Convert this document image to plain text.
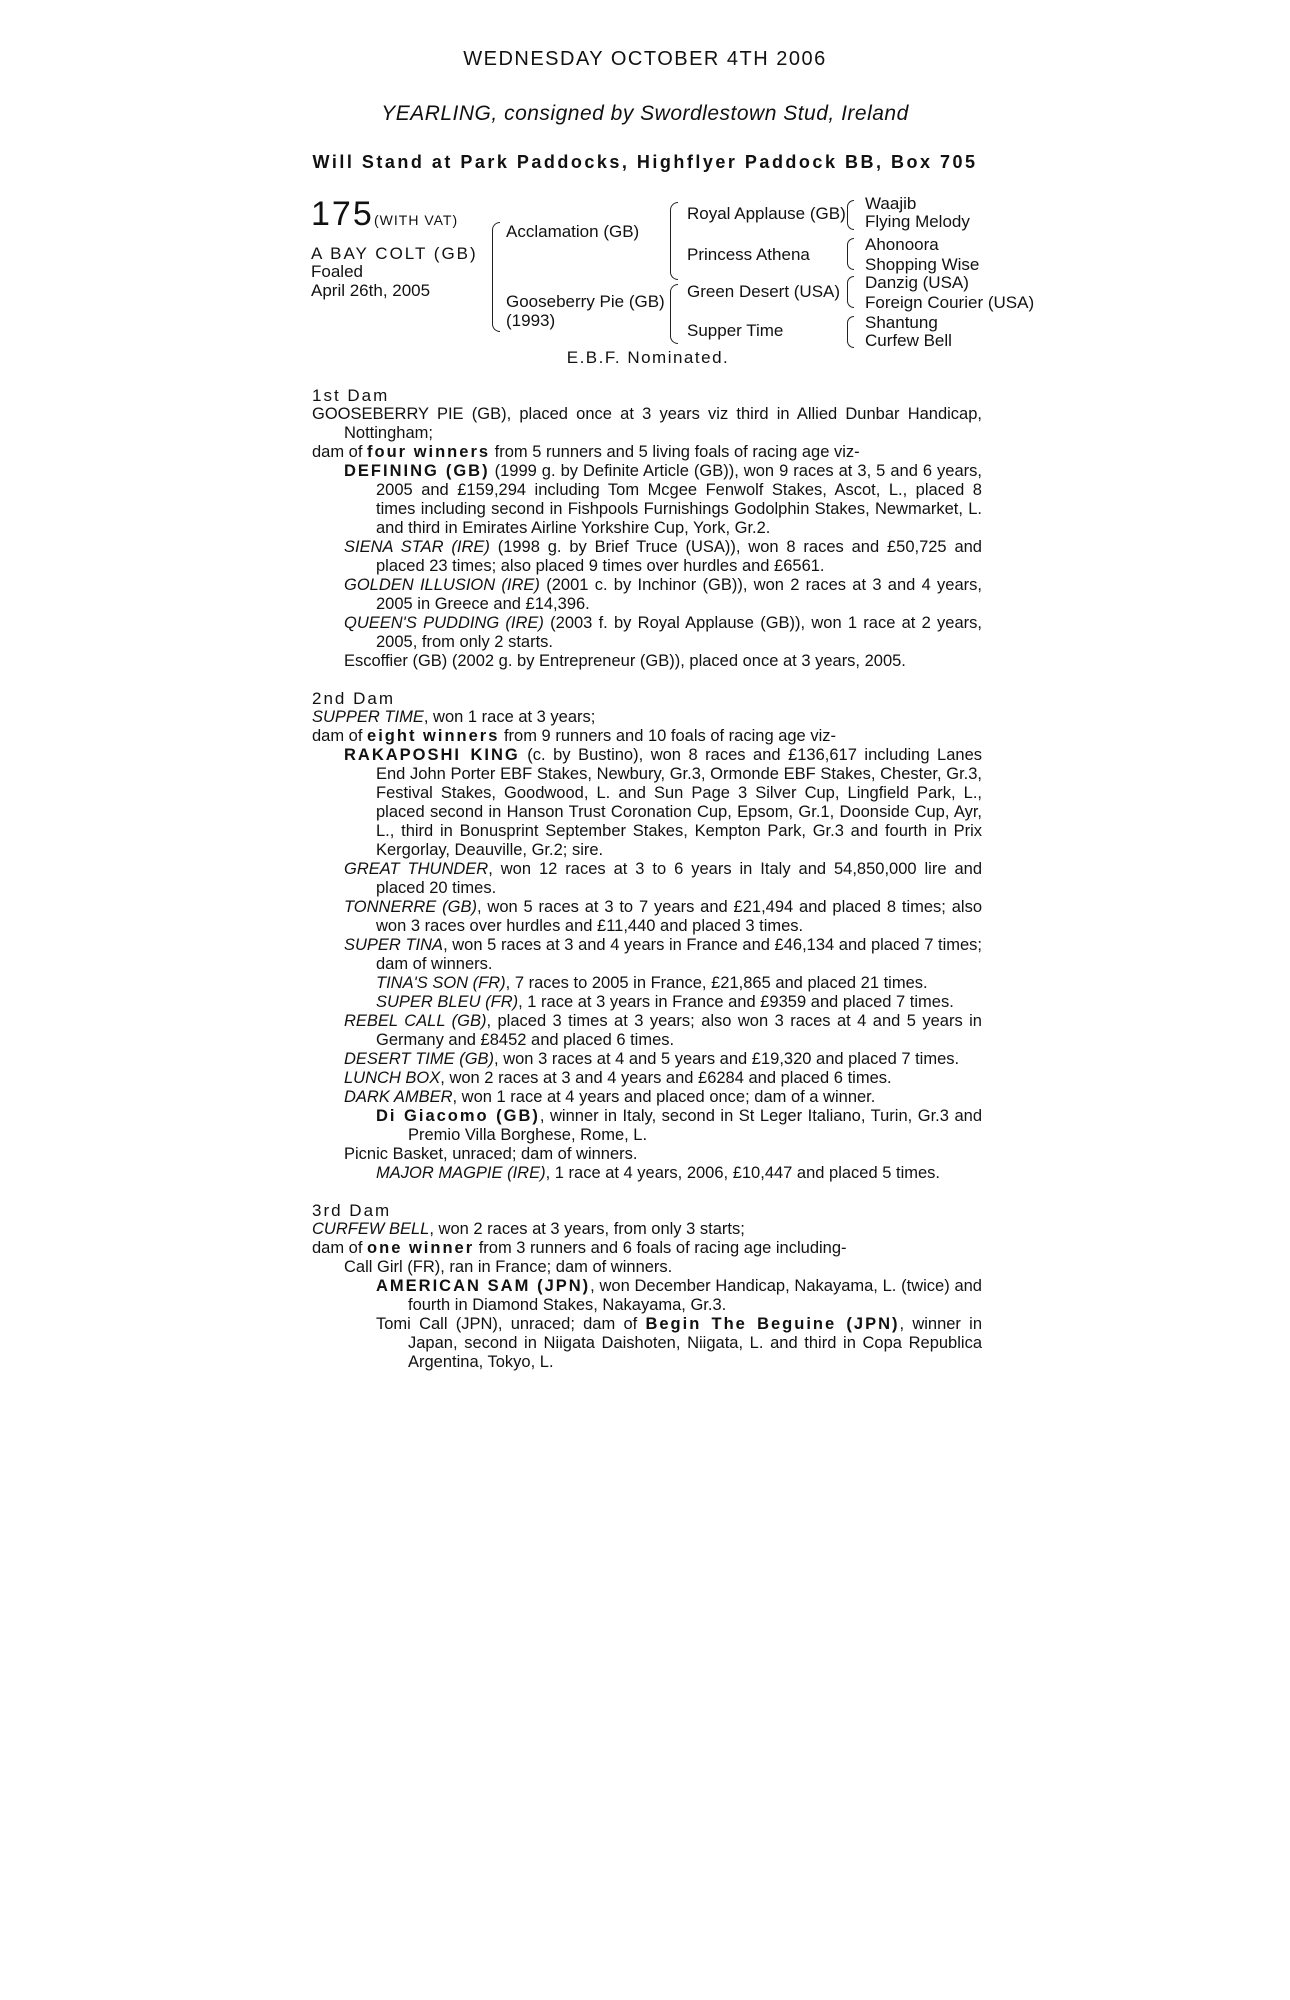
WEDNESDAY OCTOBER 4TH 2006
YEARLING, consigned by Swordlestown Stud, Ireland
Will Stand at Park Paddocks, Highflyer Paddock BB, Box 705
175 (WITH VAT)
A BAY COLT (GB)
Foaled
April 26th, 2005
Acclamation (GB)
Gooseberry Pie (GB)
(1993)
Royal Applause (GB)
Princess Athena
Green Desert (USA)
Supper Time
Waajib
Flying Melody
Ahonoora
Shopping Wise
Danzig (USA)
Foreign Courier (USA)
Shantung
Curfew Bell
E.B.F. Nominated.

1st Dam

GOOSEBERRY PIE (GB), placed once at 3 years viz third in Allied Dunbar Handicap, Nottingham;

dam of four winners from 5 runners and 5 living foals of racing age viz-

DEFINING (GB) (1999 g. by Definite Article (GB)), won 9 races at 3, 5 and 6 years, 2005 and £159,294 including Tom Mcgee Fenwolf Stakes, Ascot, L., placed 8 times including second in Fishpools Furnishings Godolphin Stakes, Newmarket, L. and third in Emirates Airline Yorkshire Cup, York, Gr.2.

SIENA STAR (IRE) (1998 g. by Brief Truce (USA)), won 8 races and £50,725 and placed 23 times; also placed 9 times over hurdles and £6561.

GOLDEN ILLUSION (IRE) (2001 c. by Inchinor (GB)), won 2 races at 3 and 4 years, 2005 in Greece and £14,396.

QUEEN'S PUDDING (IRE) (2003 f. by Royal Applause (GB)), won 1 race at 2 years, 2005, from only 2 starts.

Escoffier (GB) (2002 g. by Entrepreneur (GB)), placed once at 3 years, 2005.

2nd Dam

SUPPER TIME, won 1 race at 3 years;

dam of eight winners from 9 runners and 10 foals of racing age viz-

RAKAPOSHI KING (c. by Bustino), won 8 races and £136,617 including Lanes End John Porter EBF Stakes, Newbury, Gr.3, Ormonde EBF Stakes, Chester, Gr.3, Festival Stakes, Goodwood, L. and Sun Page 3 Silver Cup, Lingfield Park, L., placed second in Hanson Trust Coronation Cup, Epsom, Gr.1, Doonside Cup, Ayr, L., third in Bonusprint September Stakes, Kempton Park, Gr.3 and fourth in Prix Kergorlay, Deauville, Gr.2; sire.

GREAT THUNDER, won 12 races at 3 to 6 years in Italy and 54,850,000 lire and placed 20 times.

TONNERRE (GB), won 5 races at 3 to 7 years and £21,494 and placed 8 times; also won 3 races over hurdles and £11,440 and placed 3 times.

SUPER TINA, won 5 races at 3 and 4 years in France and £46,134 and placed 7 times; dam of winners.

TINA'S SON (FR), 7 races to 2005 in France, £21,865 and placed 21 times.

SUPER BLEU (FR), 1 race at 3 years in France and £9359 and placed 7 times.

REBEL CALL (GB), placed 3 times at 3 years; also won 3 races at 4 and 5 years in Germany and £8452 and placed 6 times.

DESERT TIME (GB), won 3 races at 4 and 5 years and £19,320 and placed 7 times.

LUNCH BOX, won 2 races at 3 and 4 years and £6284 and placed 6 times.

DARK AMBER, won 1 race at 4 years and placed once; dam of a winner.

Di Giacomo (GB), winner in Italy, second in St Leger Italiano, Turin, Gr.3 and Premio Villa Borghese, Rome, L.

Picnic Basket, unraced; dam of winners.

MAJOR MAGPIE (IRE), 1 race at 4 years, 2006, £10,447 and placed 5 times.

3rd Dam

CURFEW BELL, won 2 races at 3 years, from only 3 starts;

dam of one winner from 3 runners and 6 foals of racing age including-

Call Girl (FR), ran in France; dam of winners.

AMERICAN SAM (JPN), won December Handicap, Nakayama, L. (twice) and fourth in Diamond Stakes, Nakayama, Gr.3.

Tomi Call (JPN), unraced; dam of Begin The Beguine (JPN), winner in Japan, second in Niigata Daishoten, Niigata, L. and third in Copa Republica Argentina, Tokyo, L.
